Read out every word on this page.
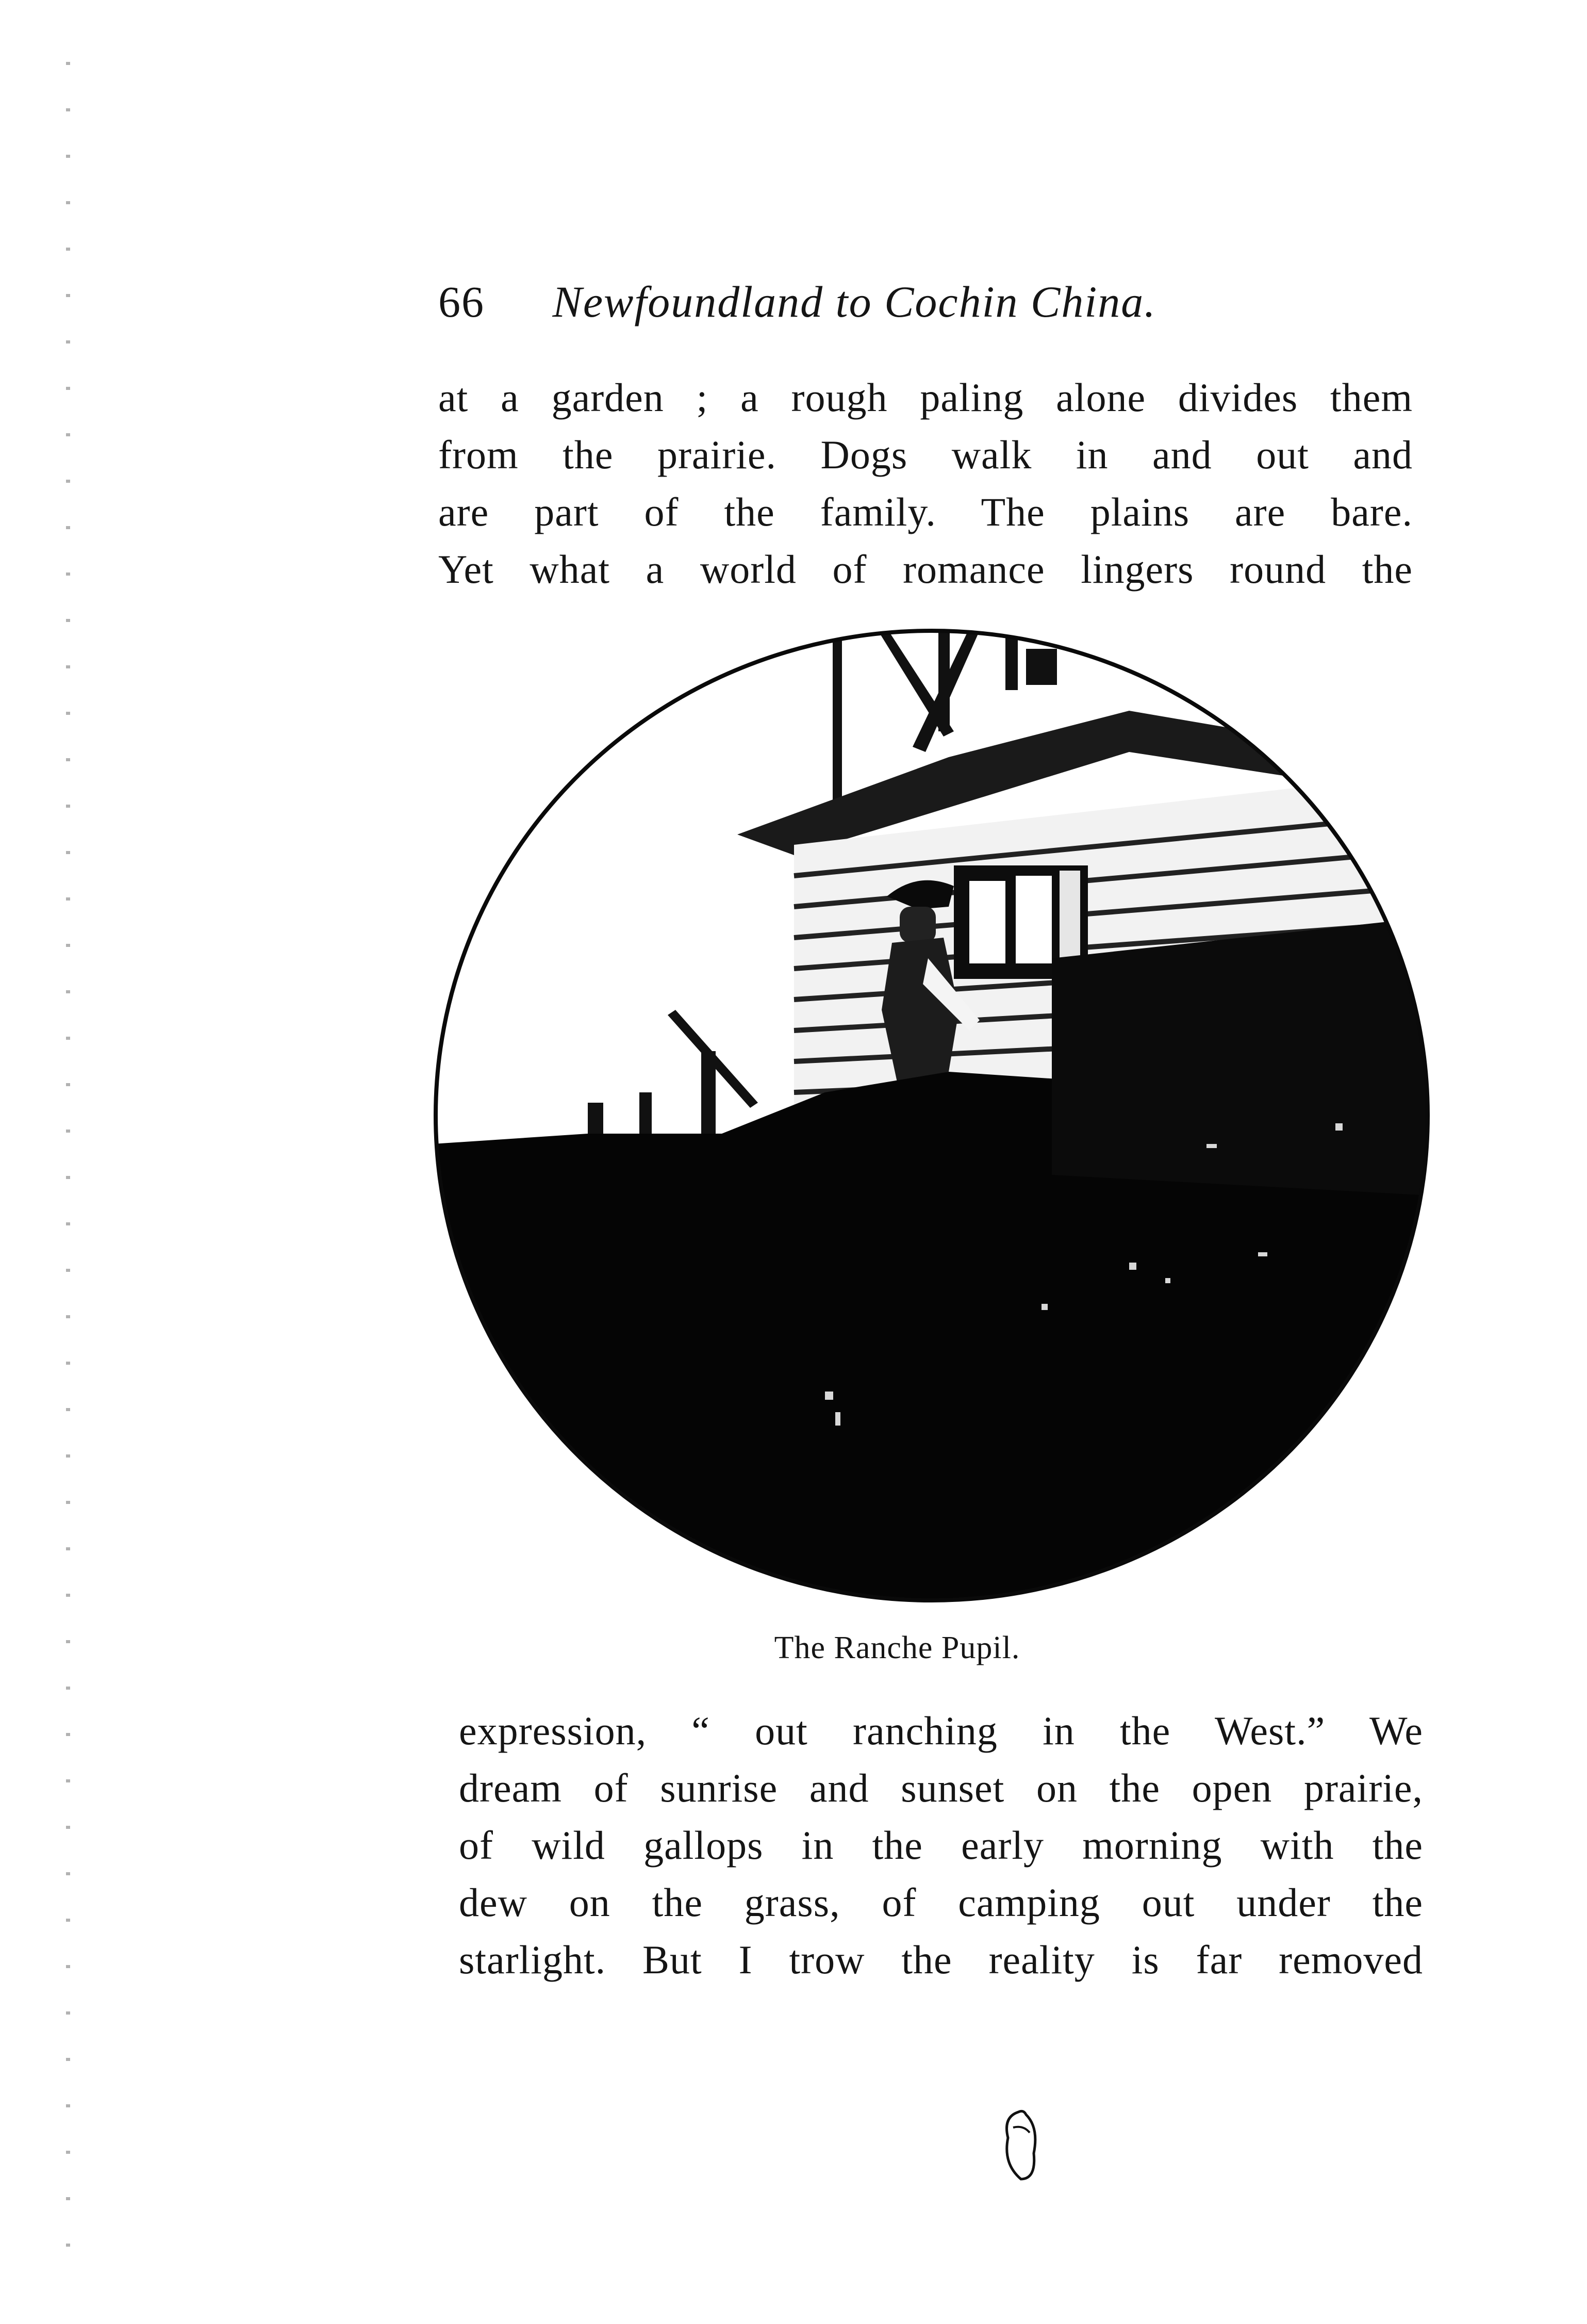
66 Newfoundland to Cochin China.
at a garden ; a rough paling alone divides them
from the prairie. Dogs walk in and out and
are part of the family. The plains are bare.
Yet what a world of romance lingers round the
The Ranche Pupil.
expression, “ out ranching in the West.” We
dream of sunrise and sunset on the open prairie,
of wild gallops in the early morning with the
dew on the grass, of camping out under the
starlight. But I trow the reality is far removed
